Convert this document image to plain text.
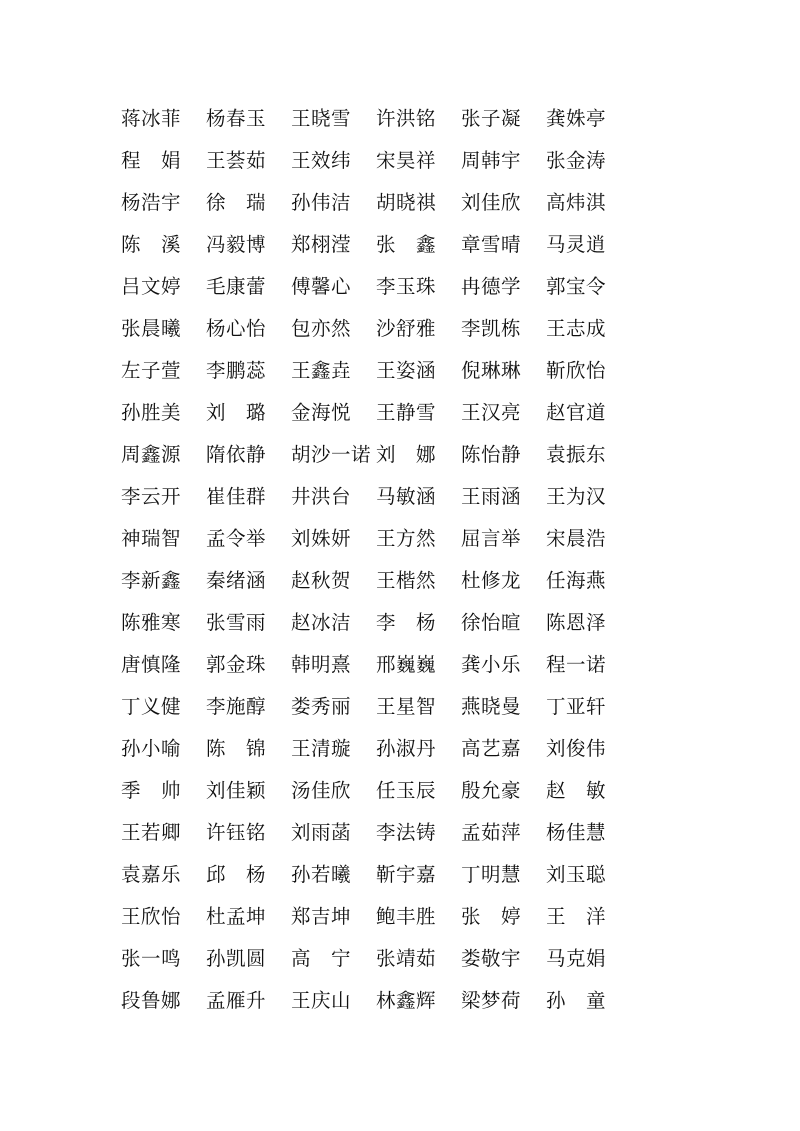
蒋冰菲	杨春玉	王晓雪	许洪铭	张子凝	龚姝亭
程　娟	王荟茹	王效纬	宋昊祥	周韩宇	张金涛
杨浩宇	徐　瑞	孙伟洁	胡晓祺	刘佳欣	高炜淇
陈　溪	冯毅博	郑栩滢	张　鑫	章雪晴	马灵逍
吕文婷	毛康蕾	傅馨心	李玉珠	冉德学	郭宝令
张晨曦	杨心怡	包亦然	沙舒雅	李凯栋	王志成
左子萱	李鹏蕊	王鑫垚	王姿涵	倪琳琳	靳欣怡
孙胜美	刘　璐	金海悦	王静雪	王汉亮	赵官道
周鑫源	隋依静	胡沙一诺 刘　娜	陈怡静	袁振东
李云开	崔佳群	井洪台	马敏涵	王雨涵	王为汉
神瑞智	孟令举	刘姝妍	王方然	屈言举	宋晨浩
李新鑫	秦绪涵	赵秋贺	王楷然	杜修龙	任海燕
陈雅寒	张雪雨	赵冰洁	李　杨	徐怡暄	陈恩泽
唐慎隆	郭金珠	韩明熹	邢巍巍	龚小乐	程一诺
丁义健	李施醇	娄秀丽	王星智	燕晓曼	丁亚轩
孙小喻	陈　锦	王清璇	孙淑丹	高艺嘉	刘俊伟
季　帅	刘佳颖	汤佳欣	任玉辰	殷允豪	赵　敏
王若卿	许钰铭	刘雨菡	李法铸	孟茹萍	杨佳慧
袁嘉乐	邱　杨	孙若曦	靳宇嘉	丁明慧	刘玉聪
王欣怡	杜孟坤	郑吉坤	鲍丰胜	张　婷	王　洋
张一鸣	孙凯圆	高　宁	张靖茹	娄敬宇	马克娟
段鲁娜	孟雁升	王庆山	林鑫辉	梁梦荷	孙　童
